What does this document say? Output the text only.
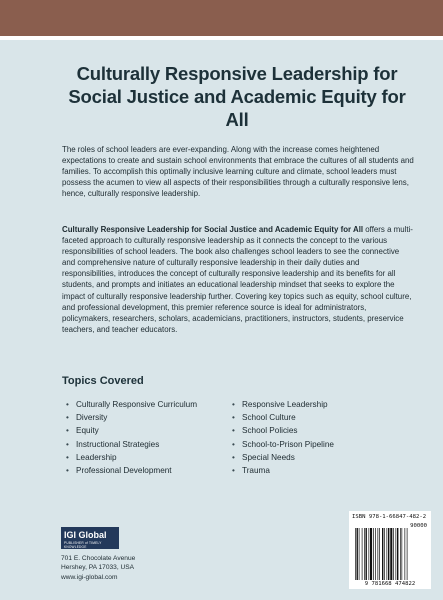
Culturally Responsive Leadership for Social Justice and Academic Equity for All

The roles of school leaders are ever-expanding. Along with the increase comes heightened expectations to create and sustain school environments that embrace the cultures of all students and families. To accomplish this optimally inclusive learning culture and climate, school leaders must possess the acumen to view all aspects of their responsibilities through a culturally responsive lens, hence, culturally responsive leadership.

Culturally Responsive Leadership for Social Justice and Academic Equity for All offers a multi-faceted approach to culturally responsive leadership as it connects the concept to the various responsibilities of school leaders. The book also challenges school leaders to see the connective and comprehensive nature of culturally responsive leadership in their daily duties and responsibilities, introduces the concept of culturally responsive leadership and its benefits for all students, and prompts and initiates an educational leadership mindset that seeks to explore the impact of culturally responsive leadership further. Covering key topics such as equity, school culture, and professional development, this premier reference source is ideal for administrators, policymakers, researchers, scholars, academicians, practitioners, instructors, students, preservice teachers, and teacher educators.

Topics Covered
• Culturally Responsive Curriculum
• Diversity
• Equity
• Instructional Strategies
• Leadership
• Professional Development
• Responsive Leadership
• School Culture
• School Policies
• School-to-Prison Pipeline
• Special Needs
• Trauma
IGI Global
PUBLISHER of TIMELY KNOWLEDGE
701 E. Chocolate Avenue
Hershey, PA 17033, USA
www.igi-global.com
ISBN 978-1-66847-482-2
90000
9 781668 474822
